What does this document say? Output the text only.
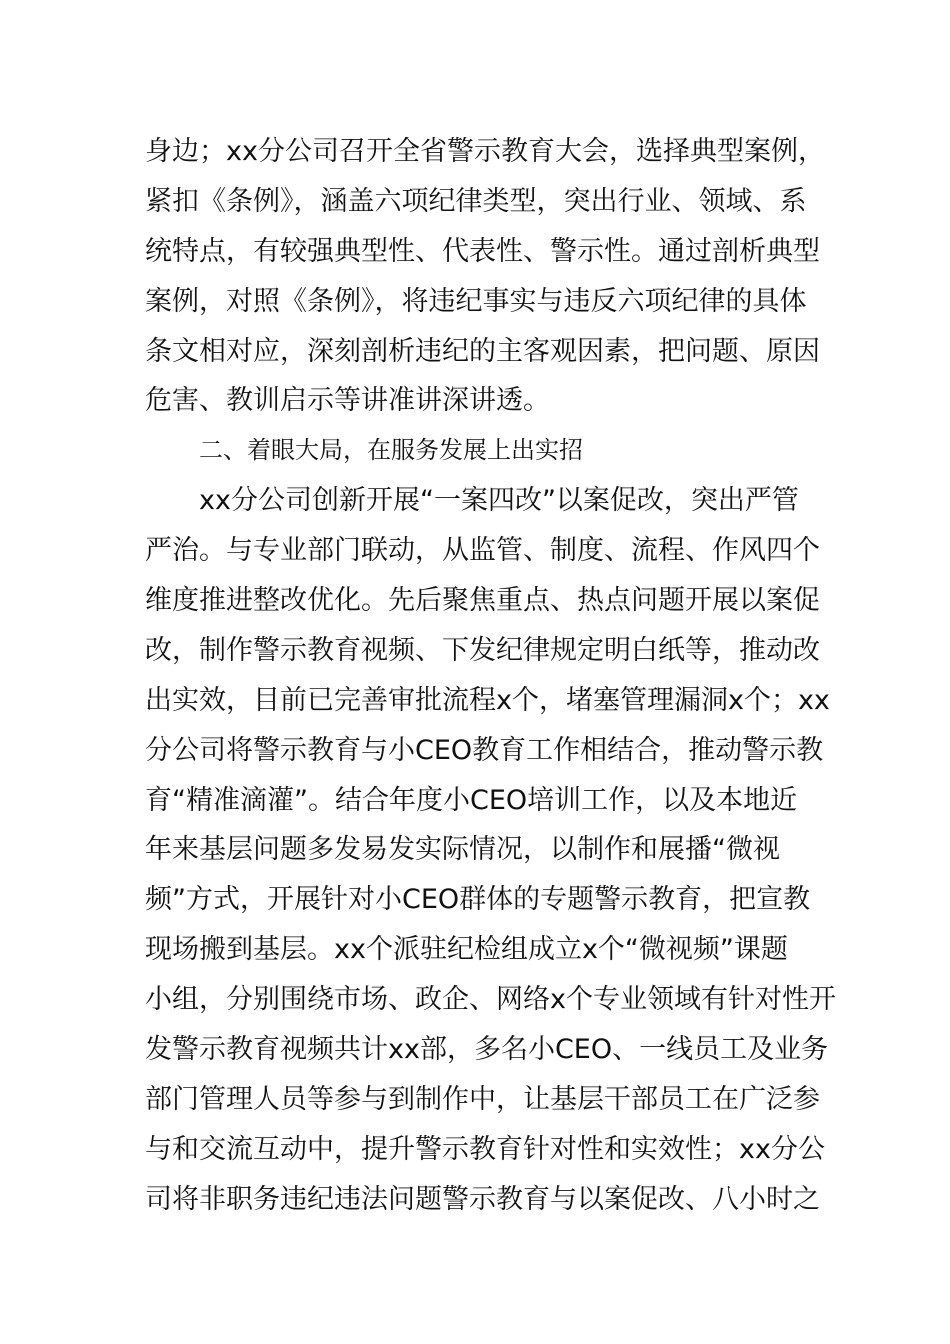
身边；xx分公司召开全省警示教育大会，选择典型案例，
紧扣《条例》，涵盖六项纪律类型，突出行业、领域、系
统特点，有较强典型性、代表性、警示性。通过剖析典型
案例，对照《条例》，将违纪事实与违反六项纪律的具体
条文相对应，深刻剖析违纪的主客观因素，把问题、原因
危害、教训启示等讲准讲深讲透。
二、着眼大局，在服务发展上出实招
xx分公司创新开展“一案四改”以案促改，突出严管
严治。与专业部门联动，从监管、制度、流程、作风四个
维度推进整改优化。先后聚焦重点、热点问题开展以案促
改，制作警示教育视频、下发纪律规定明白纸等，推动改
出实效，目前已完善审批流程x个，堵塞管理漏洞x个；xx
分公司将警示教育与小CEO教育工作相结合，推动警示教
育“精准滴灌”。结合年度小CEO培训工作，以及本地近
年来基层问题多发易发实际情况，以制作和展播“微视
频”方式，开展针对小CEO群体的专题警示教育，把宣教
现场搬到基层。xx个派驻纪检组成立x个“微视频”课题
小组，分别围绕市场、政企、网络x个专业领域有针对性开
发警示教育视频共计xx部，多名小CEO、一线员工及业务
部门管理人员等参与到制作中，让基层干部员工在广泛参
与和交流互动中，提升警示教育针对性和实效性；xx分公
司将非职务违纪违法问题警示教育与以案促改、八小时之
